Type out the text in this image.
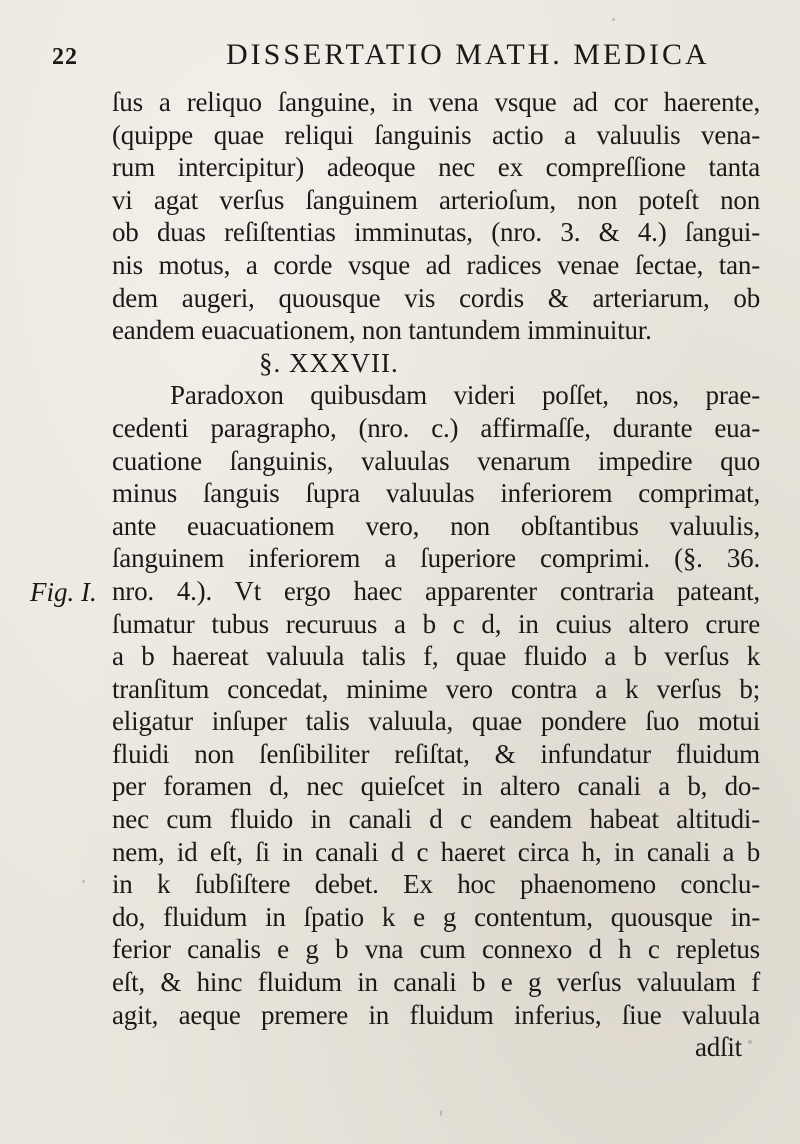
22	DISSERTATIO MATH. MEDICA
Fig. I.
ſus a reliquo ſanguine, in vena vsque ad cor haerente,
(quippe quae reliqui ſanguinis actio a valuulis vena-
rum intercipitur) adeoque nec ex compreſſione tanta
vi agat verſus ſanguinem arterioſum, non poteſt non
ob duas reſiſtentias imminutas, (nro. 3. & 4.) ſangui-
nis motus, a corde vsque ad radices venae ſectae, tan-
dem augeri, quousque vis cordis & arteriarum, ob
eandem euacuationem, non tantundem imminuitur.
§. XXXVII.
Paradoxon quibusdam videri poſſet, nos, prae-
cedenti paragrapho, (nro. c.) affirmaſſe, durante eua-
cuatione ſanguinis, valuulas venarum impedire quo
minus ſanguis ſupra valuulas inferiorem comprimat,
ante euacuationem vero, non obſtantibus valuulis,
ſanguinem inferiorem a ſuperiore comprimi. (§. 36.
nro. 4.). Vt ergo haec apparenter contraria pateant,
ſumatur tubus recuruus a b c d, in cuius altero crure
a b haereat valuula talis f, quae fluido a b verſus k
tranſitum concedat, minime vero contra a k verſus b;
eligatur inſuper talis valuula, quae pondere ſuo motui
fluidi non ſenſibiliter reſiſtat, & infundatur fluidum
per foramen d, nec quieſcet in altero canali a b, do-
nec cum fluido in canali d c eandem habeat altitudi-
nem, id eſt, ſi in canali d c haeret circa h, in canali a b
in k ſubſiſtere debet. Ex hoc phaenomeno conclu-
do, fluidum in ſpatio k e g contentum, quousque in-
ferior canalis e g b vna cum connexo d h c repletus
eſt, & hinc fluidum in canali b e g verſus valuulam f
agit, aeque premere in fluidum inferius, ſiue valuula
adſit
